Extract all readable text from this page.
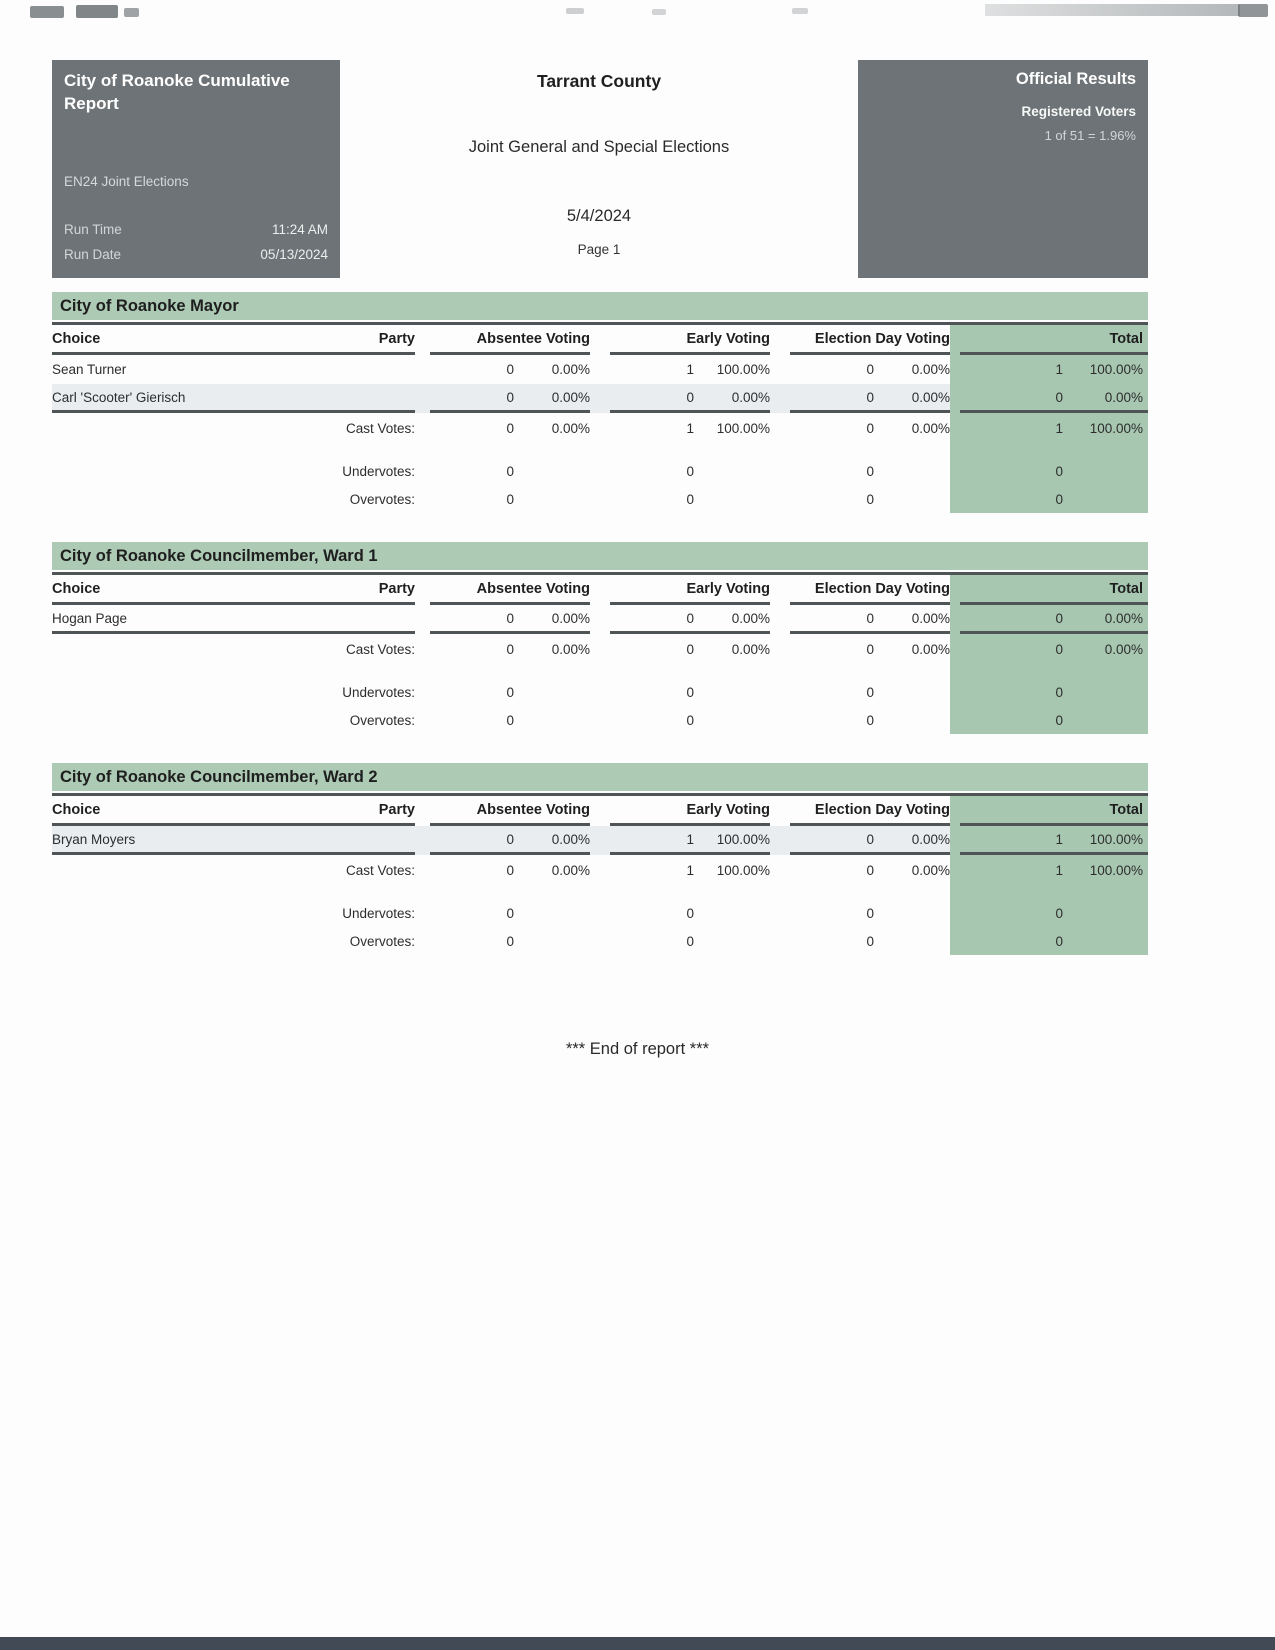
City of Roanoke Cumulative Report
EN24 Joint Elections
Run Time	11:24 AM
Run Date	05/13/2024
Tarrant County
Joint General and Special Elections
5/4/2024
Page 1
Official Results
Registered Voters
1 of 51 = 1.96%
City of Roanoke Mayor
Choice	Party	Absentee Voting	Early Voting	Election Day Voting	Total
Sean Turner	0	0.00%	1	100.00%	0	0.00%	1	100.00%
Carl 'Scooter' Gierisch	0	0.00%	0	0.00%	0	0.00%	0	0.00%
Cast Votes:	0	0.00%	1	100.00%	0	0.00%	1	100.00%
Undervotes:	0	0	0	0
Overvotes:	0	0	0	0
City of Roanoke Councilmember, Ward 1
Choice	Party	Absentee Voting	Early Voting	Election Day Voting	Total
Hogan Page	0	0.00%	0	0.00%	0	0.00%	0	0.00%
Cast Votes:	0	0.00%	0	0.00%	0	0.00%	0	0.00%
Undervotes:	0	0	0	0
Overvotes:	0	0	0	0
City of Roanoke Councilmember, Ward 2
Choice	Party	Absentee Voting	Early Voting	Election Day Voting	Total
Bryan Moyers	0	0.00%	1	100.00%	0	0.00%	1	100.00%
Cast Votes:	0	0.00%	1	100.00%	0	0.00%	1	100.00%
Undervotes:	0	0	0	0
Overvotes:	0	0	0	0
*** End of report ***
